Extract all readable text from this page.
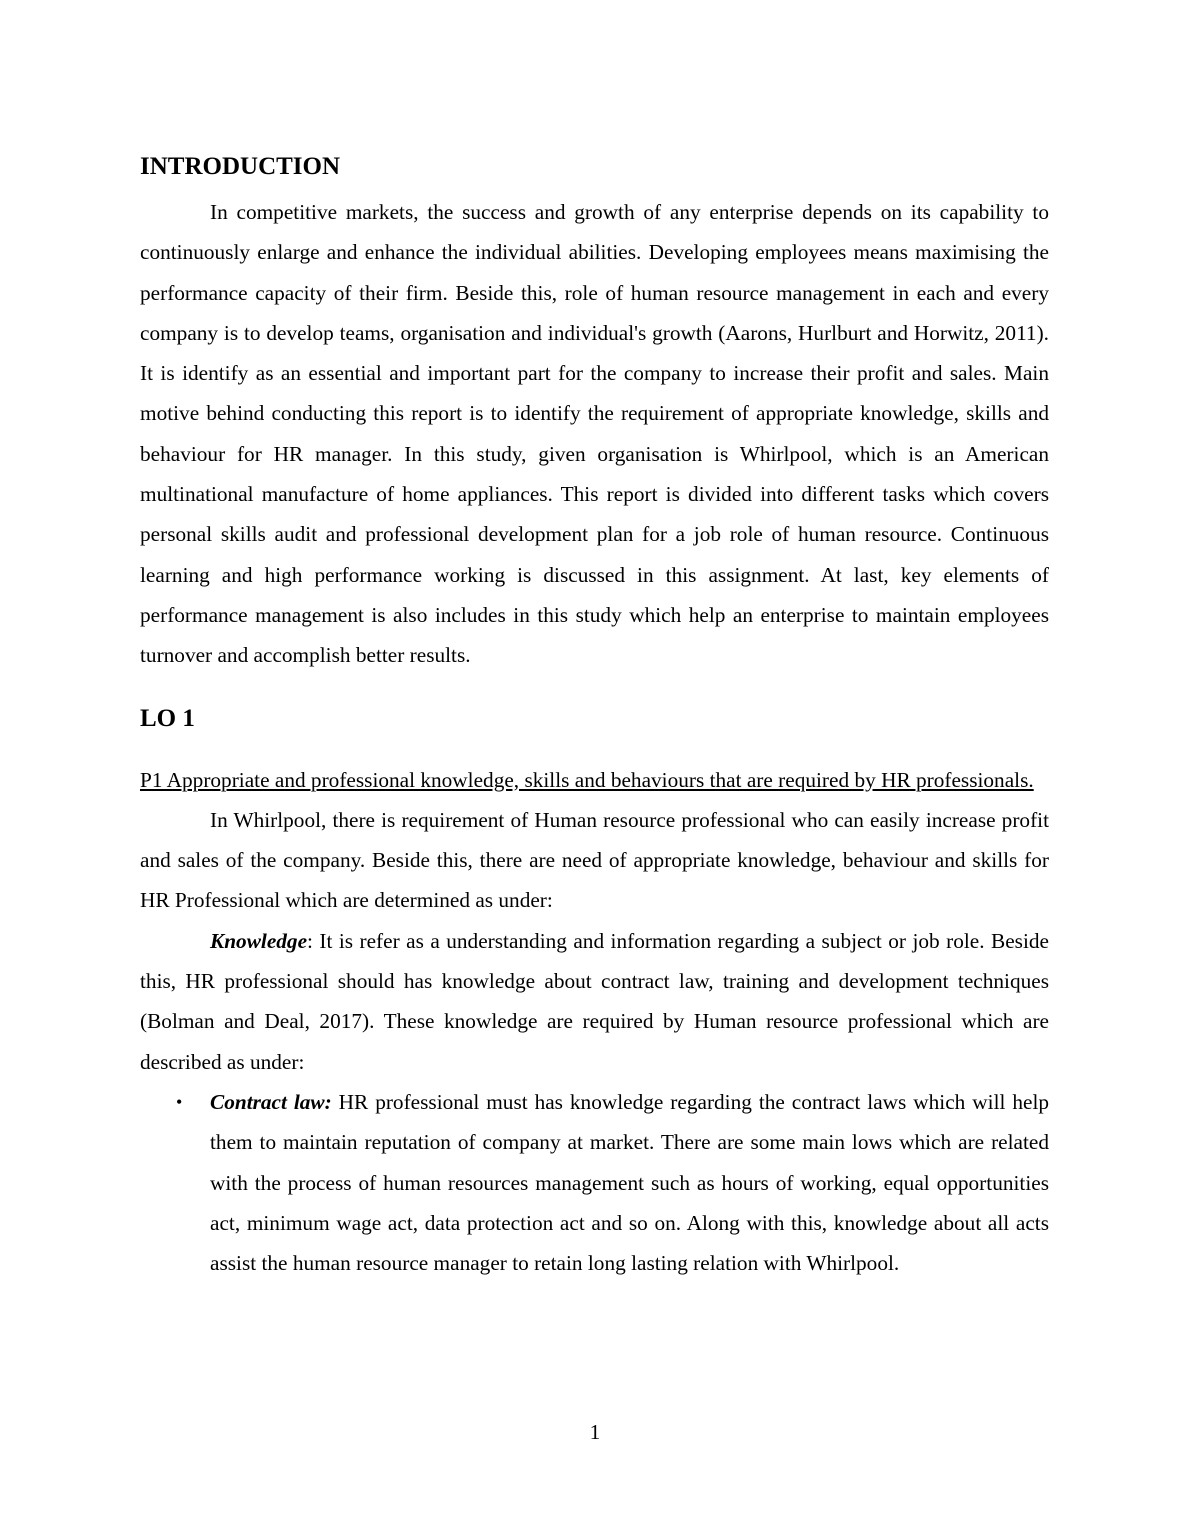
INTRODUCTION

In competitive markets, the success and growth of any enterprise depends on its capability to continuously enlarge and enhance the individual abilities. Developing employees means maximising the performance capacity of their firm. Beside this, role of human resource management in each and every company is to develop teams, organisation and individual's growth (Aarons, Hurlburt and Horwitz, 2011). It is identify as an essential and important part for the company to increase their profit and sales. Main motive behind conducting this report is to identify the requirement of appropriate knowledge, skills and behaviour for HR manager. In this study, given organisation is Whirlpool, which is an American multinational manufacture of home appliances. This report is divided into different tasks which covers personal skills audit and professional development plan for a job role of human resource. Continuous learning and high performance working is discussed in this assignment. At last, key elements of performance management is also includes in this study which help an enterprise to maintain employees turnover and accomplish better results.

LO 1

P1 Appropriate and professional knowledge, skills and behaviours that are required by HR professionals.

In Whirlpool, there is requirement of Human resource professional who can easily increase profit and sales of the company. Beside this, there are need of appropriate knowledge, behaviour and skills for HR Professional which are determined as under:

Knowledge: It is refer as a understanding and information regarding a subject or job role. Beside this, HR professional should has knowledge about contract law, training and development techniques (Bolman and Deal, 2017). These knowledge are required by Human resource professional which are described as under:

• Contract law: HR professional must has knowledge regarding the contract laws which will help them to maintain reputation of company at market. There are some main lows which are related with the process of human resources management such as hours of working, equal opportunities act, minimum wage act, data protection act and so on. Along with this, knowledge about all acts assist the human resource manager to retain long lasting relation with Whirlpool.
1
